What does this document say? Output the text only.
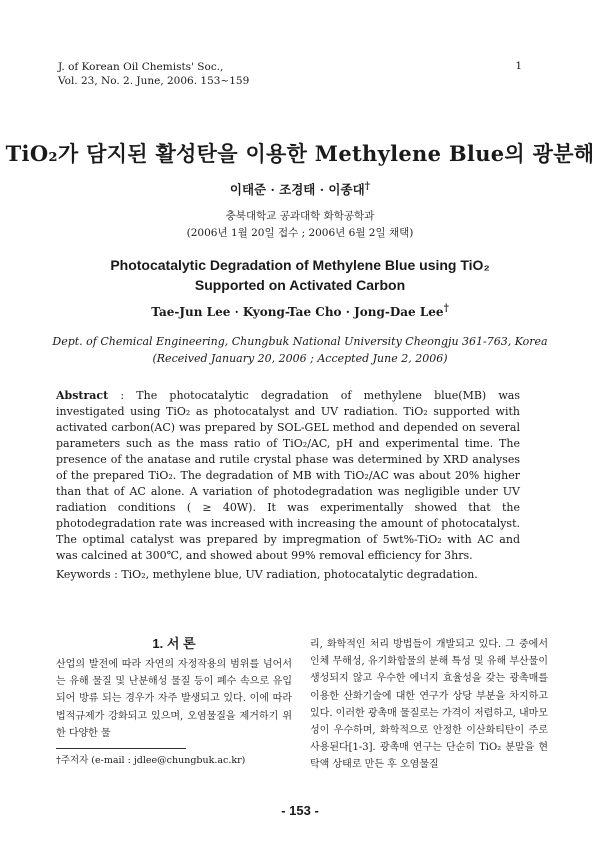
J. of Korean Oil Chemists' Soc.,
Vol. 23, No. 2. June, 2006. 153~159
1
TiO₂가 담지된 활성탄을 이용한 Methylene Blue의 광분해
이태준 · 조경태 · 이종대†
충북대학교 공과대학 화학공학과
(2006년 1월 20일 접수 ; 2006년 6월 2일 채택)
Photocatalytic Degradation of Methylene Blue using TiO₂
Supported on Activated Carbon
Tae-Jun Lee · Kyong-Tae Cho · Jong-Dae Lee†
Dept. of Chemical Engineering, Chungbuk National University Cheongju 361-763, Korea
(Received January 20, 2006 ; Accepted June 2, 2006)
Abstract : The photocatalytic degradation of methylene blue(MB) was investigated using TiO₂ as photocatalyst and UV radiation. TiO₂ supported with activated carbon(AC) was prepared by SOL-GEL method and depended on several parameters such as the mass ratio of TiO₂/AC, pH and experimental time. The presence of the anatase and rutile crystal phase was determined by XRD analyses of the prepared TiO₂. The degradation of MB with TiO₂/AC was about 20% higher than that of AC alone. A variation of photodegradation was negligible under UV radiation conditions ( ≥ 40W). It was experimentally showed that the photodegradation rate was increased with increasing the amount of photocatalyst. The optimal catalyst was prepared by impregmation of 5wt%-TiO₂ with AC and was calcined at 300℃, and showed about 99% removal efficiency for 3hrs.
Keywords : TiO₂, methylene blue, UV radiation, photocatalytic degradation.
1. 서 론
산업의 발전에 따라 자연의 자정작용의 범위를 넘어서는 유해 물질 및 난분해성 물질 등이 폐수 속으로 유입되어 방류 되는 경우가 자주 발생되고 있다. 이에 따라 법적규제가 강화되고 있으며, 오염물질을 제거하기 위한 다양한 물
리, 화학적인 처리 방법들이 개발되고 있다. 그 중에서 인체 무해성, 유기화합물의 분해 특성 및 유해 부산물이 생성되지 않고 우수한 에너지 효율성을 갖는 광촉매를 이용한 산화기술에 대한 연구가 상당 부분을 차지하고 있다. 이러한 광촉매 물질로는 가격이 저렴하고, 내마모성이 우수하며, 화학적으로 안정한 이산화티탄이 주로 사용된다[1-3]. 광촉매 연구는 단순히 TiO₂ 분말을 현탁액 상태로 만든 후 오염물질
†주저자 (e-mail : jdlee@chungbuk.ac.kr)
- 153 -
